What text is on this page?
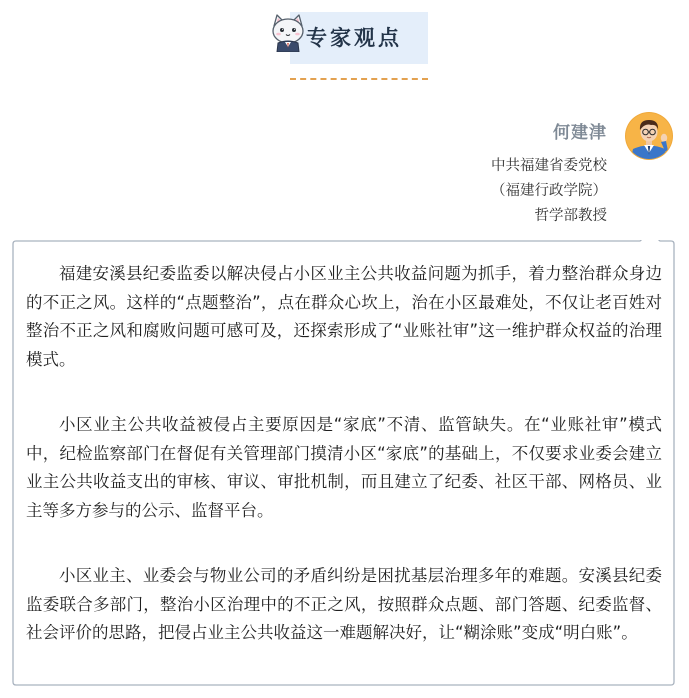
专家观点
何建津
中共福建省委党校
（福建行政学院）
哲学部教授

福建安溪县纪委监委以解决侵占小区业主公共收益问题为抓手，着力整治群众身边的不正之风。这样的“点题整治”，点在群众心坎上，治在小区最难处，不仅让老百姓对整治不正之风和腐败问题可感可及，还探索形成了“业账社审”这一维护群众权益的治理模式。

小区业主公共收益被侵占主要原因是“家底”不清、监管缺失。在“业账社审”模式中，纪检监察部门在督促有关管理部门摸清小区“家底”的基础上，不仅要求业委会建立业主公共收益支出的审核、审议、审批机制，而且建立了纪委、社区干部、网格员、业主等多方参与的公示、监督平台。

小区业主、业委会与物业公司的矛盾纠纷是困扰基层治理多年的难题。安溪县纪委监委联合多部门，整治小区治理中的不正之风，按照群众点题、部门答题、纪委监督、社会评价的思路，把侵占业主公共收益这一难题解决好，让“糊涂账”变成“明白账”。
